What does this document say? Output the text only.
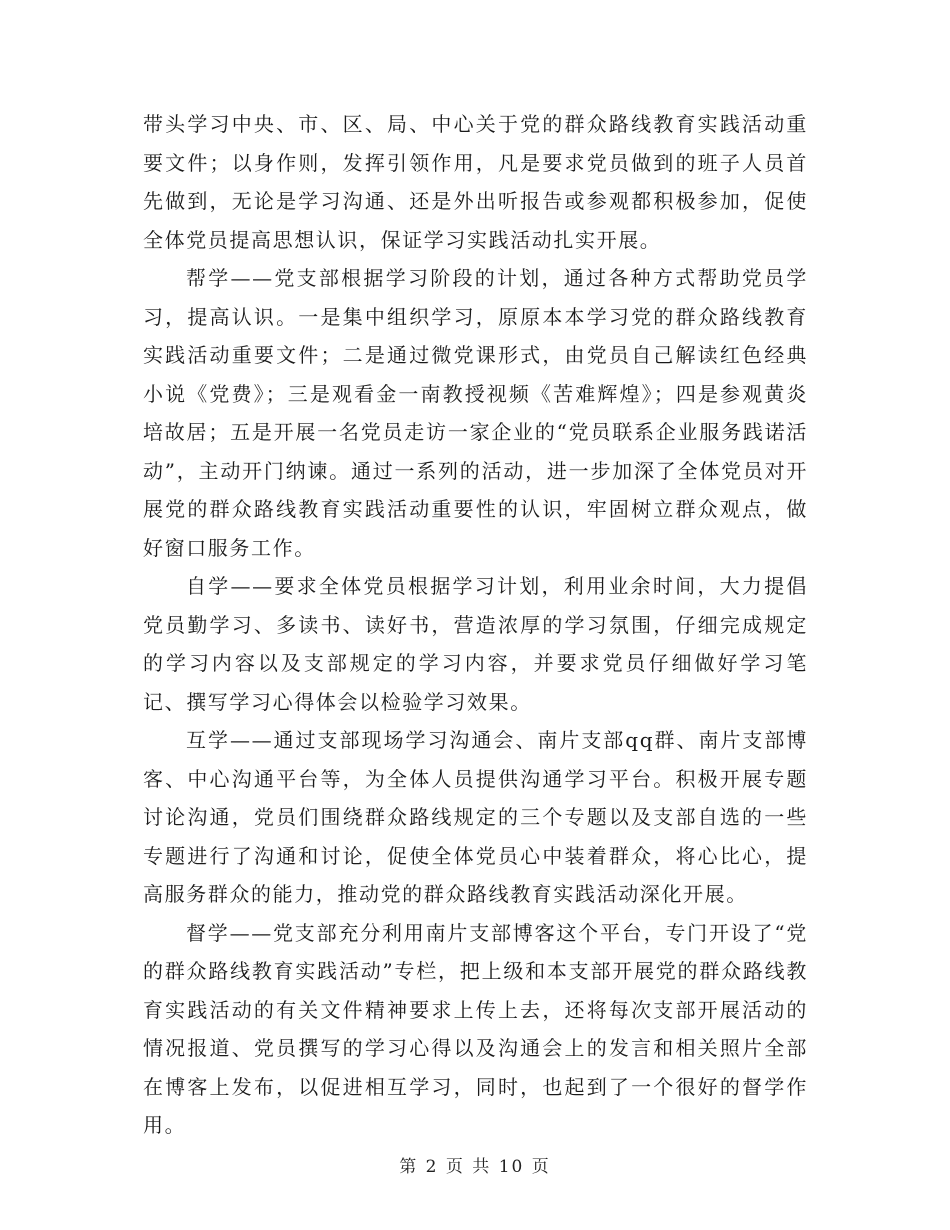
带头学习中央、市、区、局、中心关于党的群众路线教育实践活动重要文件；以身作则，发挥引领作用，凡是要求党员做到的班子人员首先做到，无论是学习沟通、还是外出听报告或参观都积极参加，促使全体党员提高思想认识，保证学习实践活动扎实开展。

帮学——党支部根据学习阶段的计划，通过各种方式帮助党员学习，提高认识。一是集中组织学习，原原本本学习党的群众路线教育实践活动重要文件；二是通过微党课形式，由党员自己解读红色经典小说《党费》；三是观看金一南教授视频《苦难辉煌》；四是参观黄炎培故居；五是开展一名党员走访一家企业的“党员联系企业服务践诺活动”，主动开门纳谏。通过一系列的活动，进一步加深了全体党员对开展党的群众路线教育实践活动重要性的认识，牢固树立群众观点，做好窗口服务工作。

自学——要求全体党员根据学习计划，利用业余时间，大力提倡党员勤学习、多读书、读好书，营造浓厚的学习氛围，仔细完成规定的学习内容以及支部规定的学习内容，并要求党员仔细做好学习笔记、撰写学习心得体会以检验学习效果。

互学——通过支部现场学习沟通会、南片支部qq群、南片支部博客、中心沟通平台等，为全体人员提供沟通学习平台。积极开展专题讨论沟通，党员们围绕群众路线规定的三个专题以及支部自选的一些专题进行了沟通和讨论，促使全体党员心中装着群众，将心比心，提高服务群众的能力，推动党的群众路线教育实践活动深化开展。

督学——党支部充分利用南片支部博客这个平台，专门开设了“党的群众路线教育实践活动”专栏，把上级和本支部开展党的群众路线教育实践活动的有关文件精神要求上传上去，还将每次支部开展活动的情况报道、党员撰写的学习心得以及沟通会上的发言和相关照片全部在博客上发布，以促进相互学习，同时，也起到了一个很好的督学作用。

第 2 页 共 10 页
